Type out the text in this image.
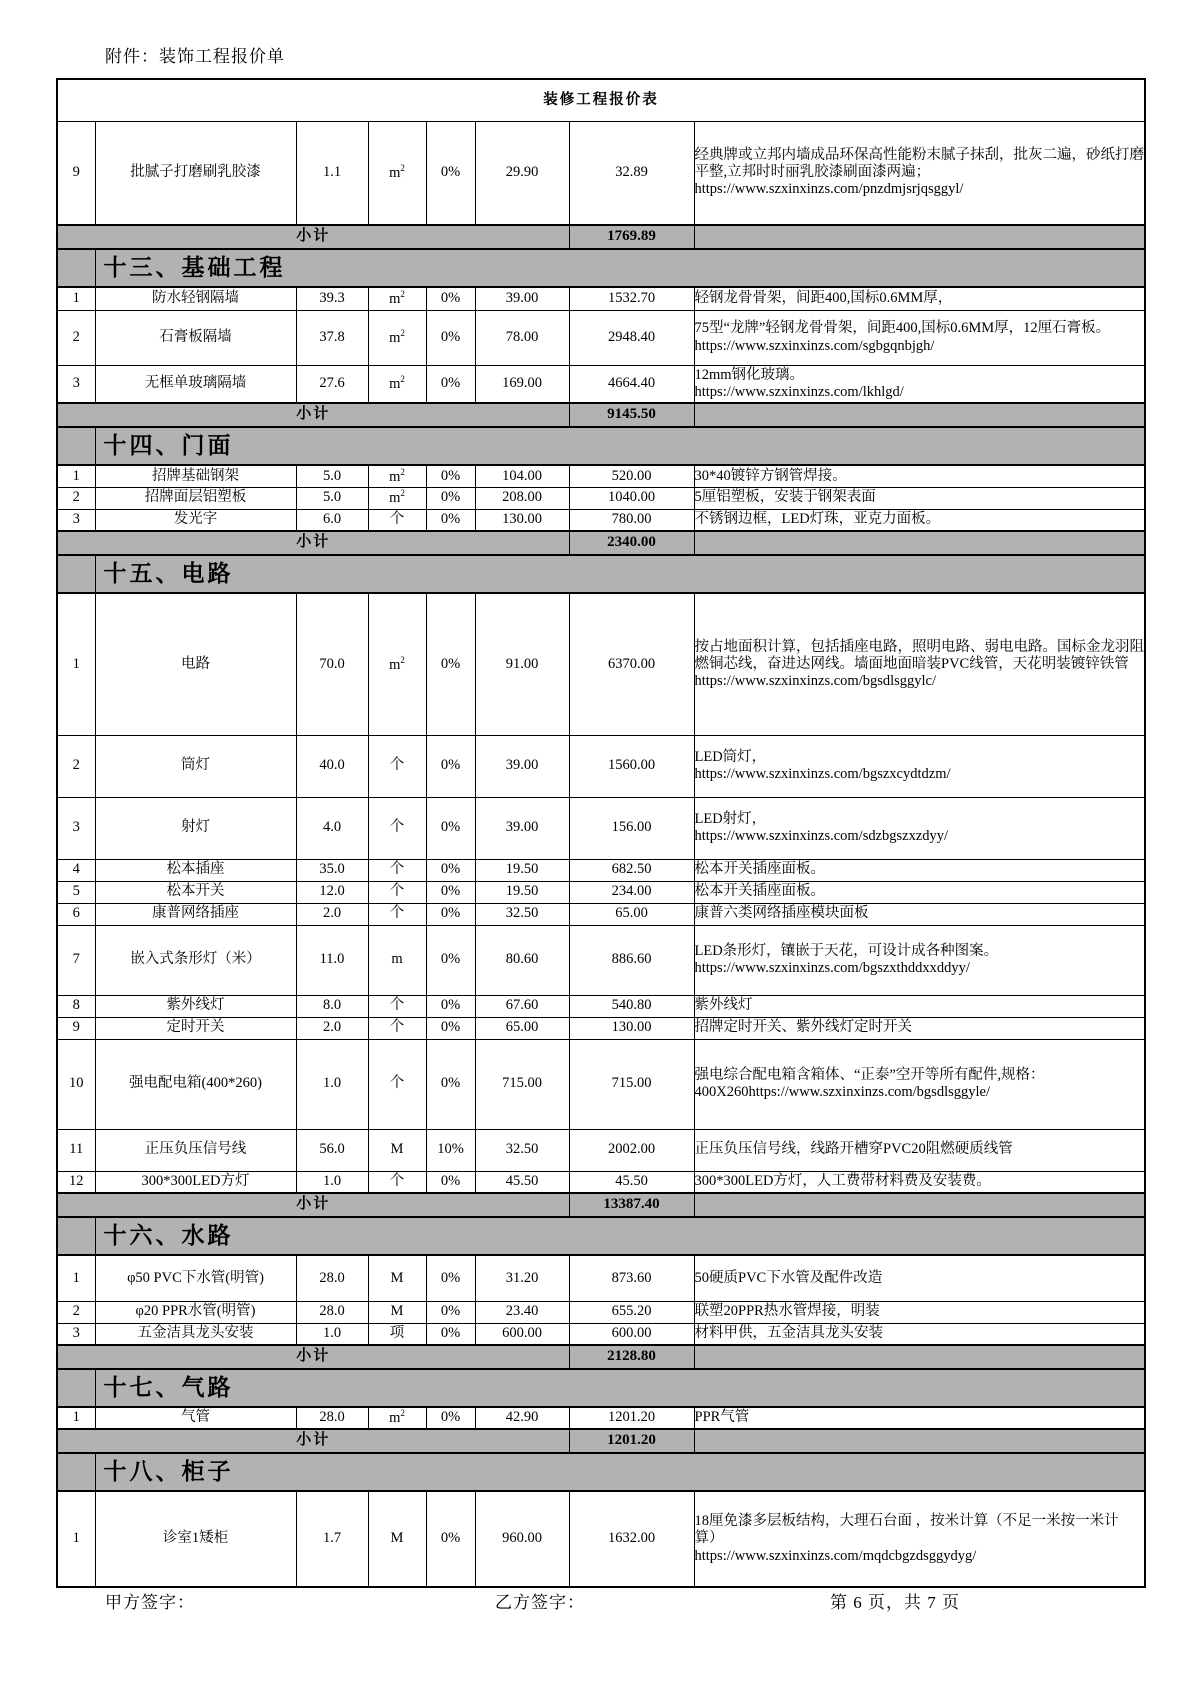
附件：装饰工程报价单
装修工程报价表							
9	批腻子打磨刷乳胶漆	1.1	$m^2$	0%	29.90	32.89	经典牌或立邦内墙成品环保高性能粉末腻子抹刮，批灰二遍，砂纸打磨平整,立邦时时丽乳胶漆刷面漆两遍；
https://www.szxinxinzs.com/pnzdmjsrjqsggyl/
小计						1769.89	
	十三、基础工程						
1	防水轻钢隔墙	39.3	$m^2$	0%	39.00	1532.70	轻钢龙骨骨架，间距400,国标0.6MM厚，
2	石膏板隔墙	37.8	$m^2$	0%	78.00	2948.40	75型“龙牌”轻钢龙骨骨架，间距400,国标0.6MM厚，12厘石膏板。
https://www.szxinxinzs.com/sgbgqnbjgh/
3	无框单玻璃隔墙	27.6	$m^2$	0%	169.00	4664.40	12mm钢化玻璃。
https://www.szxinxinzs.com/lkhlgd/
小计						9145.50	
	十四、门面						
1	招牌基础钢架	5.0	$m^2$	0%	104.00	520.00	30*40镀锌方钢管焊接。
2	招牌面层铝塑板	5.0	$m^2$	0%	208.00	1040.00	5厘铝塑板，安装于钢架表面
3	发光字	6.0	个	0%	130.00	780.00	不锈钢边框，LED灯珠，亚克力面板。
小计						2340.00	
	十五、电路						
1	电路	70.0	$m^2$	0%	91.00	6370.00	按占地面积计算，包括插座电路，照明电路、弱电电路。国标金龙羽阻燃铜芯线，奋进达网线。墙面地面暗装PVC线管，天花明装镀锌铁管
https://www.szxinxinzs.com/bgsdlsggylc/
2	筒灯	40.0	个	0%	39.00	1560.00	LED筒灯，
https://www.szxinxinzs.com/bgszxcydtdzm/
3	射灯	4.0	个	0%	39.00	156.00	LED射灯，
https://www.szxinxinzs.com/sdzbgszxzdyy/
4	松本插座	35.0	个	0%	19.50	682.50	松本开关插座面板。
5	松本开关	12.0	个	0%	19.50	234.00	松本开关插座面板。
6	康普网络插座	2.0	个	0%	32.50	65.00	康普六类网络插座模块面板
7	嵌入式条形灯（米）	11.0	m	0%	80.60	886.60	LED条形灯，镶嵌于天花，可设计成各种图案。
https://www.szxinxinzs.com/bgszxthddxxddyy/
8	紫外线灯	8.0	个	0%	67.60	540.80	紫外线灯
9	定时开关	2.0	个	0%	65.00	130.00	招牌定时开关、紫外线灯定时开关
10	强电配电箱(400*260)	1.0	个	0%	715.00	715.00	强电综合配电箱含箱体、“正泰”空开等所有配件,规格：
400X260https://www.szxinxinzs.com/bgsdlsggyle/
11	正压负压信号线	56.0	M	10%	32.50	2002.00	正压负压信号线，线路开槽穿PVC20阻燃硬质线管
12	300*300LED方灯	1.0	个	0%	45.50	45.50	300*300LED方灯，人工费带材料费及安装费。
小计						13387.40	
	十六、水路						
1	φ50 PVC下水管(明管)	28.0	M	0%	31.20	873.60	50硬质PVC下水管及配件改造
2	φ20 PPR水管(明管)	28.0	M	0%	23.40	655.20	联塑20PPR热水管焊接，明装
3	五金洁具龙头安装	1.0	项	0%	600.00	600.00	材料甲供，五金洁具龙头安装
小计						2128.80	
	十七、气路						
1	气管	28.0	$m^2$	0%	42.90	1201.20	PPR气管
小计						1201.20	
	十八、柜子						
1	诊室1矮柜	1.7	M	0%	960.00	1632.00	18厘免漆多层板结构，大理石台面 ，按米计算（不足一米按一米计算）
https://www.szxinxinzs.com/mqdcbgzdsggydyg/
甲方签字：	乙方签字：	第 6 页，共 7 页
